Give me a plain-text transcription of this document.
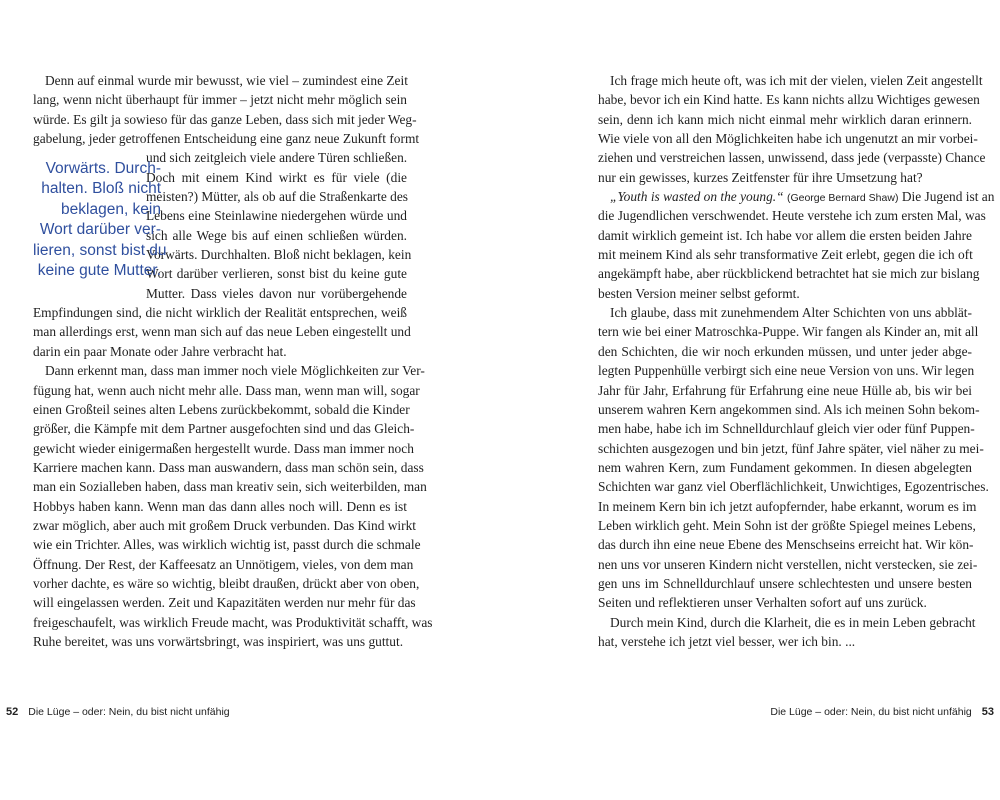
Vorwärts. Durch-
halten. Bloß nicht
beklagen, kein
Wort darüber ver-
lieren, sonst bist du
keine gute Mutter.
Denn auf einmal wurde mir bewusst, wie viel – zumindest eine Zeit
lang, wenn nicht überhaupt für immer – jetzt nicht mehr möglich sein
würde. Es gilt ja sowieso für das ganze Leben, dass sich mit jeder Weg-
gabelung, jeder getroffenen Entscheidung eine ganz neue Zukunft formt
und sich zeitgleich viele andere Türen schließen.
Doch mit einem Kind wirkt es für viele (die
meisten?) Mütter, als ob auf die Straßenkarte des
Lebens eine Steinlawine niedergehen würde und
sich alle Wege bis auf einen schließen würden.
Vorwärts. Durchhalten. Bloß nicht beklagen, kein
Wort darüber verlieren, sonst bist du keine gute
Mutter. Dass vieles davon nur vorübergehende
Empfindungen sind, die nicht wirklich der Realität entsprechen, weiß
man allerdings erst, wenn man sich auf das neue Leben eingestellt und
darin ein paar Monate oder Jahre verbracht hat.
Dann erkennt man, dass man immer noch viele Möglichkeiten zur Ver-
fügung hat, wenn auch nicht mehr alle. Dass man, wenn man will, sogar
einen Großteil seines alten Lebens zurückbekommt, sobald die Kinder
größer, die Kämpfe mit dem Partner ausgefochten sind und das Gleich-
gewicht wieder einigermaßen hergestellt wurde. Dass man immer noch
Karriere machen kann. Dass man auswandern, dass man schön sein, dass
man ein Sozialleben haben, dass man kreativ sein, sich weiterbilden, man
Hobbys haben kann. Wenn man das dann alles noch will. Denn es ist
zwar möglich, aber auch mit großem Druck verbunden. Das Kind wirkt
wie ein Trichter. Alles, was wirklich wichtig ist, passt durch die schmale
Öffnung. Der Rest, der Kaffeesatz an Unnötigem, vieles, von dem man
vorher dachte, es wäre so wichtig, bleibt draußen, drückt aber von oben,
will eingelassen werden. Zeit und Kapazitäten werden nur mehr für das
freigeschaufelt, was wirklich Freude macht, was Produktivität schafft, was
Ruhe bereitet, was uns vorwärtsbringt, was inspiriert, was uns guttut.
Ich frage mich heute oft, was ich mit der vielen, vielen Zeit angestellt
habe, bevor ich ein Kind hatte. Es kann nichts allzu Wichtiges gewesen
sein, denn ich kann mich nicht einmal mehr wirklich daran erinnern.
Wie viele von all den Möglichkeiten habe ich ungenutzt an mir vorbei-
ziehen und verstreichen lassen, unwissend, dass jede (verpasste) Chance
nur ein gewisses, kurzes Zeitfenster für ihre Umsetzung hat?
„Youth is wasted on the young.“ (George Bernard Shaw) Die Jugend ist an
die Jugendlichen verschwendet. Heute verstehe ich zum ersten Mal, was
damit wirklich gemeint ist. Ich habe vor allem die ersten beiden Jahre
mit meinem Kind als sehr transformative Zeit erlebt, gegen die ich oft
angekämpft habe, aber rückblickend betrachtet hat sie mich zur bislang
besten Version meiner selbst geformt.
Ich glaube, dass mit zunehmendem Alter Schichten von uns abblät-
tern wie bei einer Matroschka-Puppe. Wir fangen als Kinder an, mit all
den Schichten, die wir noch erkunden müssen, und unter jeder abge-
legten Puppenhülle verbirgt sich eine neue Version von uns. Wir legen
Jahr für Jahr, Erfahrung für Erfahrung eine neue Hülle ab, bis wir bei
unserem wahren Kern angekommen sind. Als ich meinen Sohn bekom-
men habe, habe ich im Schnelldurchlauf gleich vier oder fünf Puppen-
schichten ausgezogen und bin jetzt, fünf Jahre später, viel näher zu mei-
nem wahren Kern, zum Fundament gekommen. In diesen abgelegten
Schichten war ganz viel Oberflächlichkeit, Unwichtiges, Egozentrisches.
In meinem Kern bin ich jetzt aufopfernder, habe erkannt, worum es im
Leben wirklich geht. Mein Sohn ist der größte Spiegel meines Lebens,
das durch ihn eine neue Ebene des Menschseins erreicht hat. Wir kön-
nen uns vor unseren Kindern nicht verstellen, nicht verstecken, sie zei-
gen uns im Schnelldurchlauf unsere schlechtesten und unsere besten
Seiten und reflektieren unser Verhalten sofort auf uns zurück.
Durch mein Kind, durch die Klarheit, die es in mein Leben gebracht
hat, verstehe ich jetzt viel besser, wer ich bin. ...
52 Die Lüge – oder: Nein, du bist nicht unfähig	Die Lüge – oder: Nein, du bist nicht unfähig 53
